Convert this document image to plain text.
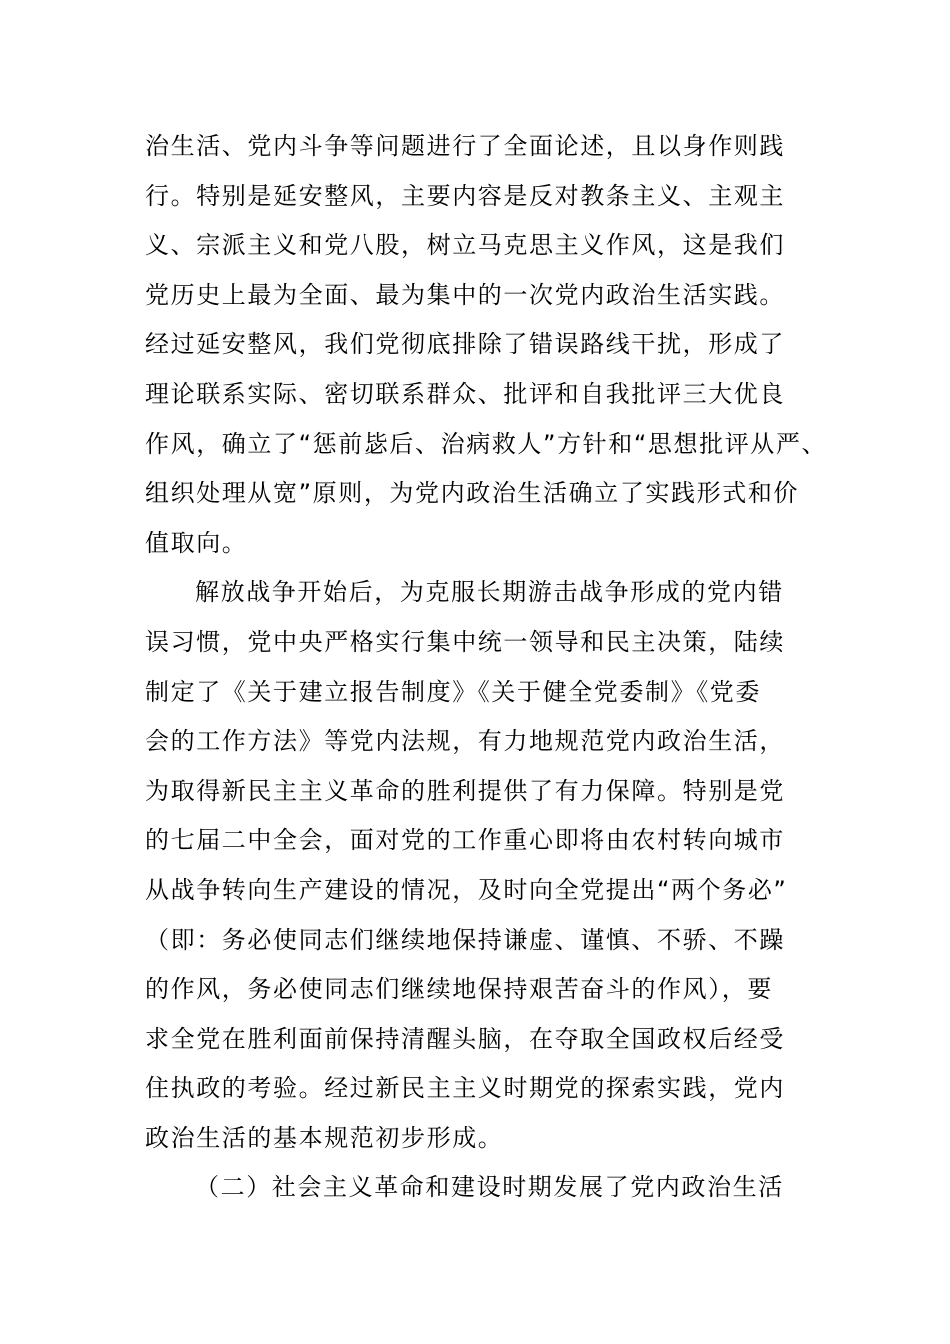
治生活、党内斗争等问题进行了全面论述，且以身作则践
行。特别是延安整风，主要内容是反对教条主义、主观主
义、宗派主义和党八股，树立马克思主义作风，这是我们
党历史上最为全面、最为集中的一次党内政治生活实践。
经过延安整风，我们党彻底排除了错误路线干扰，形成了
理论联系实际、密切联系群众、批评和自我批评三大优良
作风，确立了“惩前毖后、治病救人”方针和“思想批评从严、
组织处理从宽”原则，为党内政治生活确立了实践形式和价
值取向。
解放战争开始后，为克服长期游击战争形成的党内错
误习惯，党中央严格实行集中统一领导和民主决策，陆续
制定了《关于建立报告制度》《关于健全党委制》《党委
会的工作方法》等党内法规，有力地规范党内政治生活，
为取得新民主主义革命的胜利提供了有力保障。特别是党
的七届二中全会，面对党的工作重心即将由农村转向城市
从战争转向生产建设的情况，及时向全党提出“两个务必”
（即：务必使同志们继续地保持谦虚、谨慎、不骄、不躁
的作风，务必使同志们继续地保持艰苦奋斗的作风），要
求全党在胜利面前保持清醒头脑，在夺取全国政权后经受
住执政的考验。经过新民主主义时期党的探索实践，党内
政治生活的基本规范初步形成。
（二）社会主义革命和建设时期发展了党内政治生活
